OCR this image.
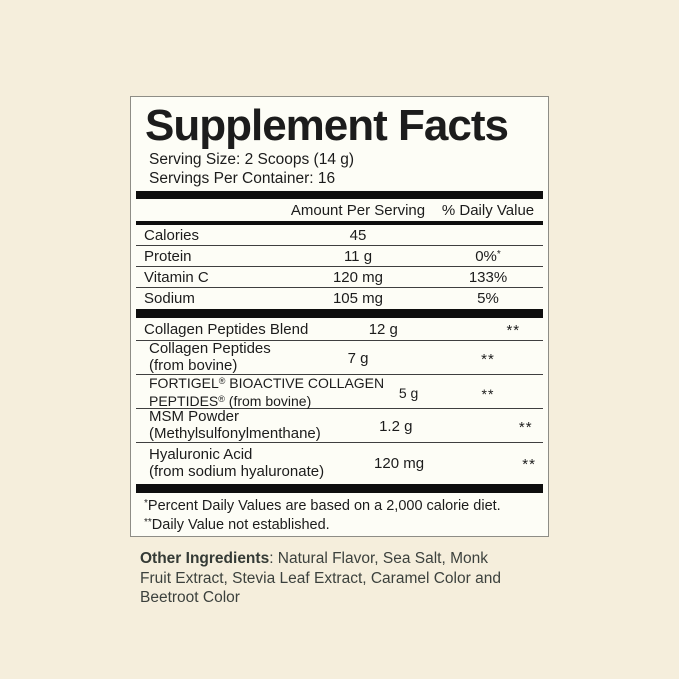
Supplement Facts
Serving Size: 2 Scoops (14 g)
Servings Per Container: 16
Amount Per Serving	% Daily Value
Calories	45
Protein	11 g	0%*
Vitamin C	120 mg	133%
Sodium	105 mg	5%
Collagen Peptides Blend	12 g	**
Collagen Peptides
(from bovine)	7 g	**
FORTIGEL® BIOACTIVE COLLAGEN
PEPTIDES® (from bovine)	5 g	**
MSM Powder
(Methylsulfonylmenthane)	1.2 g	**
Hyaluronic Acid
(from sodium hyaluronate)	120 mg	**
*Percent Daily Values are based on a 2,000 calorie diet.
**Daily Value not established.

Other Ingredients: Natural Flavor, Sea Salt, Monk Fruit Extract, Stevia Leaf Extract, Caramel Color and Beetroot Color
